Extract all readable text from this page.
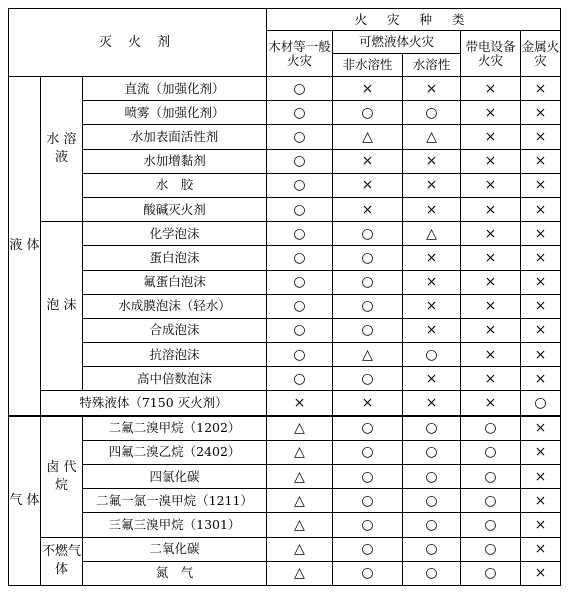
灭 火 剂			火 灾 种 类				
			木材等一般火灾	可燃液体火灾		带电设备火灾	金属火灾
				非水溶性	水溶性		
液 体	水 溶 液	直流（加强化剂）	○	×	×	×	×
		喷雾（加强化剂）	○	○	○	×	×
		水加表面活性剂	○	△	△	×	×
		水加增黏剂	○	×	×	×	×
		水　胶	○	×	×	×	×
		酸碱灭火剂	○	×	×	×	×
	泡 沫	化学泡沫	○	○	△	×	×
		蛋白泡沫	○	○	×	×	×
		氟蛋白泡沫	○	○	×	×	×
		水成膜泡沫（轻水）	○	○	×	×	×
		合成泡沫	○	○	×	×	×
		抗溶泡沫	○	△	○	×	×
		高中倍数泡沫	○	○	×	×	×
	特殊液体（7150 灭火剂）		×	×	×	×	○
气 体	卤 代 烷	二氟二溴甲烷（1202）	△	○	○	○	×
		四氟二溴乙烷（2402）	△	○	○	○	×
		四氯化碳	△	○	○	○	×
		二氟一氯一溴甲烷（1211）	△	○	○	○	×
		三氟三溴甲烷（1301）	△	○	○	○	×
	不燃气体	二氧化碳	△	○	○	○	×
		氮　气	△	○	○	○	×
